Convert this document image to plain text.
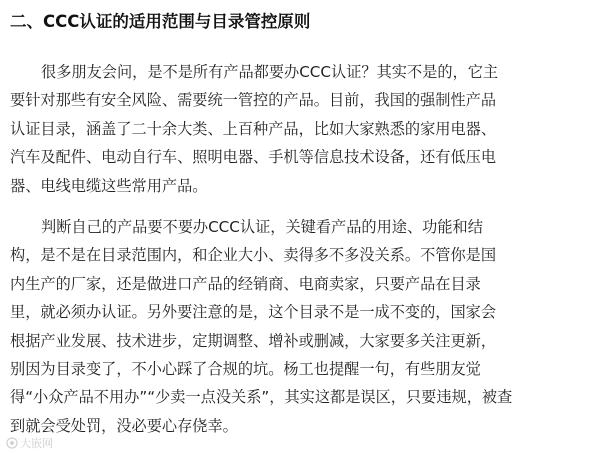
二、CCC认证的适用范围与目录管控原则
很多朋友会问，是不是所有产品都要办CCC认证？其实不是的，它主
要针对那些有安全风险、需要统一管控的产品。目前，我国的强制性产品
认证目录，涵盖了二十余大类、上百种产品，比如大家熟悉的家用电器、
汽车及配件、电动自行车、照明电器、手机等信息技术设备，还有低压电
器、电线电缆这些常用产品。
判断自己的产品要不要办CCC认证，关键看产品的用途、功能和结
构，是不是在目录范围内，和企业大小、卖得多不多没关系。不管你是国
内生产的厂家，还是做进口产品的经销商、电商卖家，只要产品在目录
里，就必须办认证。另外要注意的是，这个目录不是一成不变的，国家会
根据产业发展、技术进步，定期调整、增补或删减，大家要多关注更新，
别因为目录变了，不小心踩了合规的坑。杨工也提醒一句，有些朋友觉
得“小众产品不用办”“少卖一点没关系”，其实这都是误区，只要违规，被查
到就会受处罚，没必要心存侥幸。
大嵌网
